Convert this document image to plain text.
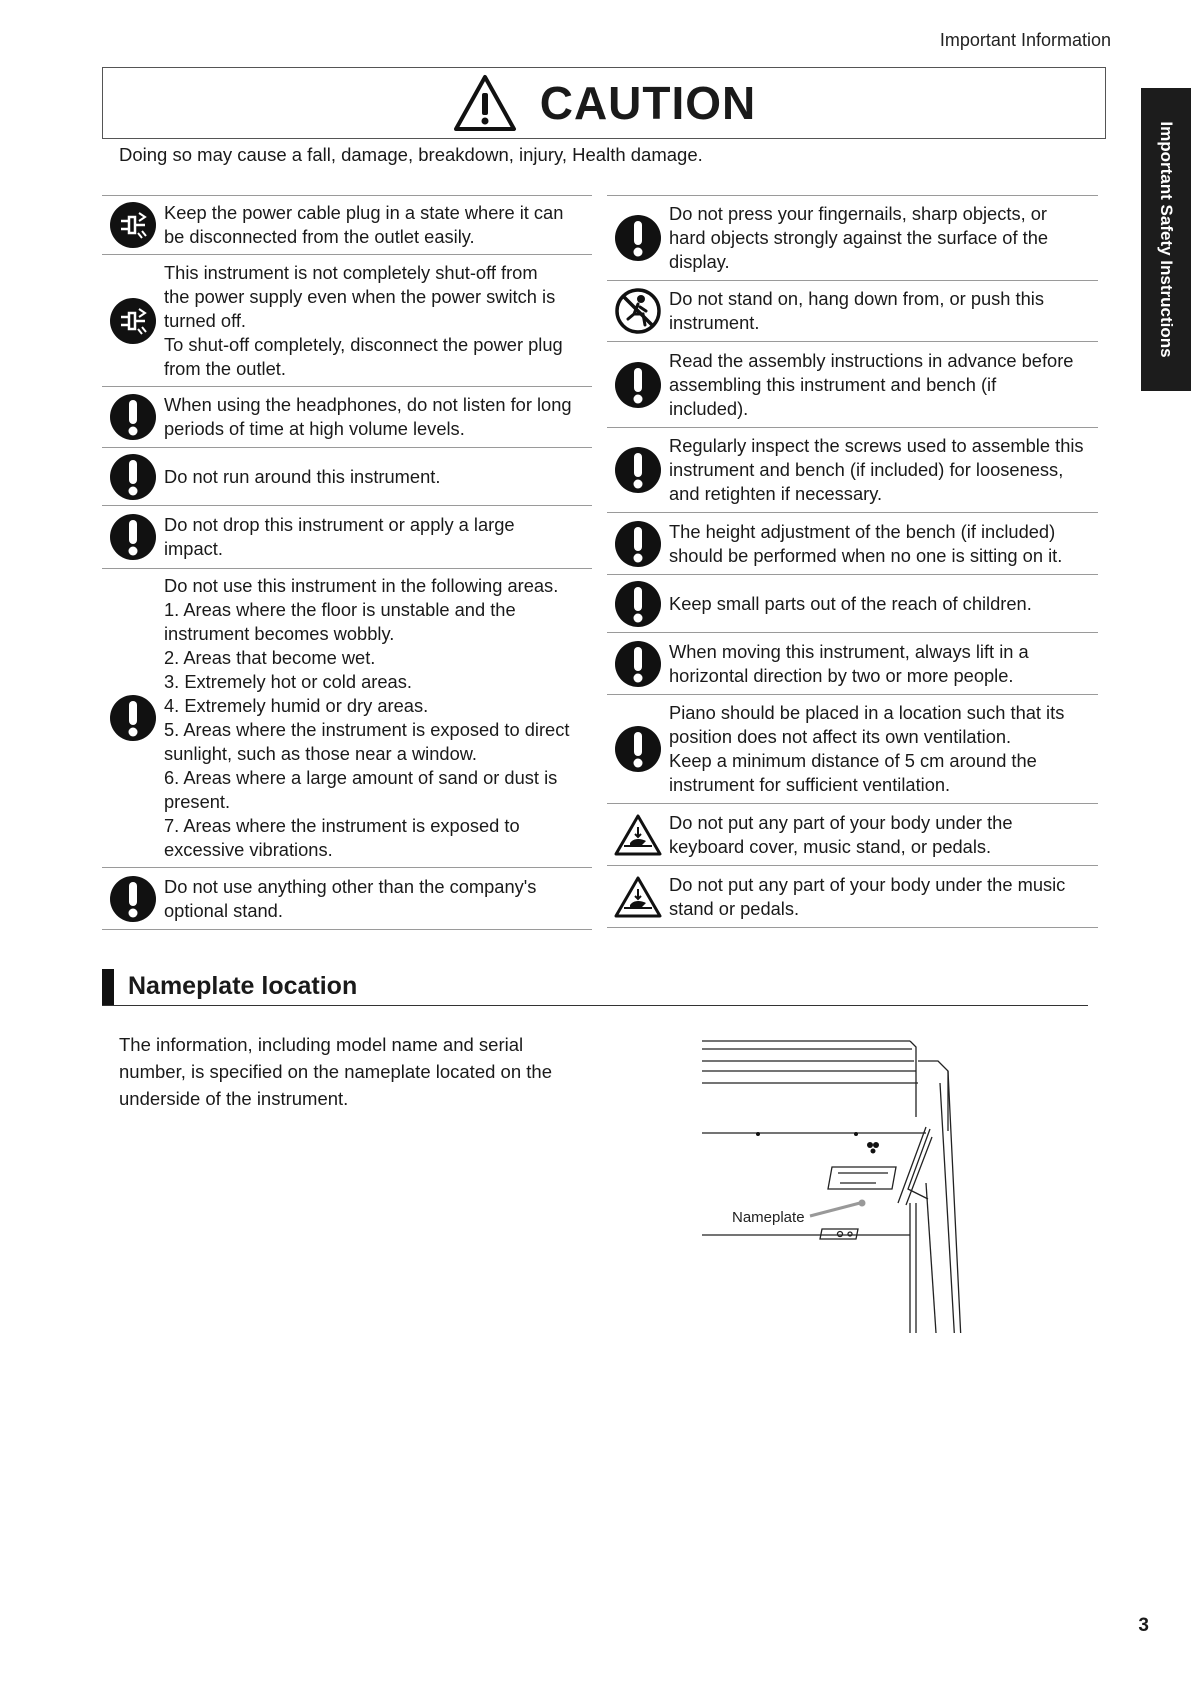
Important Information
Important Safety Instructions
CAUTION
Doing so may cause a fall, damage, breakdown, injury, Health damage.
Keep the power cable plug in a state where it can
be disconnected from the outlet easily.
This instrument is not completely shut-off from
the power supply even when the power switch is
turned off.
To shut-off completely, disconnect the power plug
from the outlet.
When using the headphones, do not listen for long
periods of time at high volume levels.
Do not run around this instrument.
Do not drop this instrument or apply a large
impact.
Do not use this instrument in the following areas.
1. Areas where the floor is unstable and the
instrument becomes wobbly.
2. Areas that become wet.
3. Extremely hot or cold areas.
4. Extremely humid or dry areas.
5. Areas where the instrument is exposed to direct
sunlight, such as those near a window.
6. Areas where a large amount of sand or dust is
present.
7. Areas where the instrument is exposed to
excessive vibrations.
Do not use anything other than the company's
optional stand.
Do not press your fingernails, sharp objects, or
hard objects strongly against the surface of the
display.
Do not stand on, hang down from, or push this
instrument.
Read the assembly instructions in advance before
assembling this instrument and bench (if
included).
Regularly inspect the screws used to assemble this
instrument and bench (if included) for looseness,
and retighten if necessary.
The height adjustment of the bench (if included)
should be performed when no one is sitting on it.
Keep small parts out of the reach of children.
When moving this instrument, always lift in a
horizontal direction by two or more people.
Piano should be placed in a location such that its
position does not affect its own ventilation.
Keep a minimum distance of 5 cm around the
instrument for sufficient ventilation.
Do not put any part of your body under the
keyboard cover, music stand, or pedals.
Do not put any part of your body under the music
stand or pedals.
Nameplate location
The information, including model name and serial number, is specified on the nameplate located on the underside of the instrument.
Nameplate
3
